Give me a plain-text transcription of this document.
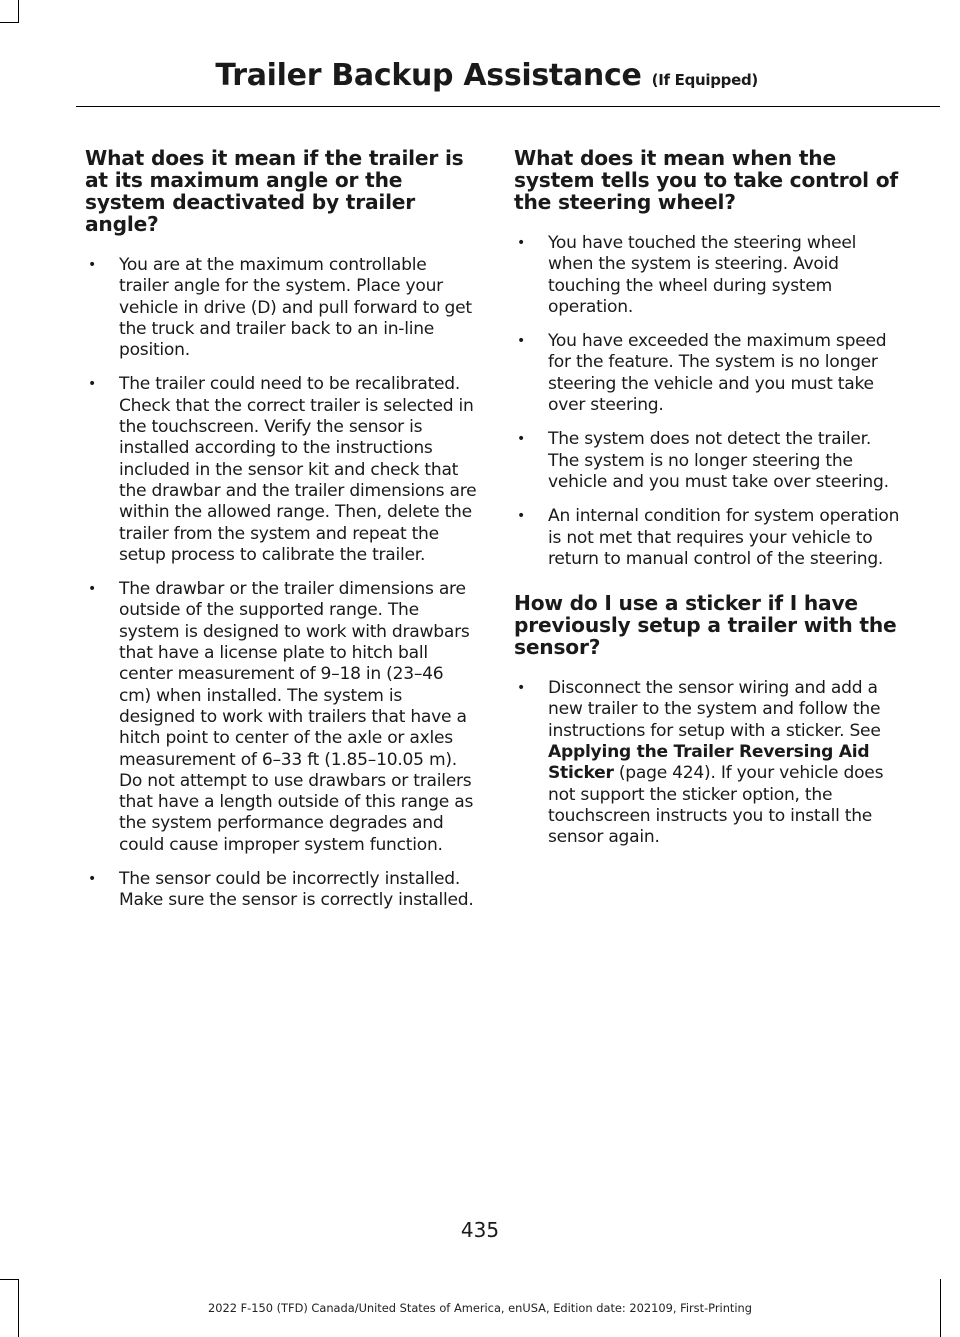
Trailer Backup Assistance (If Equipped)
What does it mean if the trailer is at its maximum angle or the system deactivated by trailer angle?
• You are at the maximum controllable trailer angle for the system. Place your vehicle in drive (D) and pull forward to get the truck and trailer back to an in-line position.
• The trailer could need to be recalibrated. Check that the correct trailer is selected in the touchscreen. Verify the sensor is installed according to the instructions included in the sensor kit and check that the drawbar and the trailer dimensions are within the allowed range. Then, delete the trailer from the system and repeat the setup process to calibrate the trailer.
• The drawbar or the trailer dimensions are outside of the supported range. The system is designed to work with drawbars that have a license plate to hitch ball center measurement of 9–18 in (23–46 cm) when installed. The system is designed to work with trailers that have a hitch point to center of the axle or axles measurement of 6–33 ft (1.85–10.05 m). Do not attempt to use drawbars or trailers that have a length outside of this range as the system performance degrades and could cause improper system function.
• The sensor could be incorrectly installed. Make sure the sensor is correctly installed.
What does it mean when the system tells you to take control of the steering wheel?
• You have touched the steering wheel when the system is steering. Avoid touching the wheel during system operation.
• You have exceeded the maximum speed for the feature. The system is no longer steering the vehicle and you must take over steering.
• The system does not detect the trailer. The system is no longer steering the vehicle and you must take over steering.
• An internal condition for system operation is not met that requires your vehicle to return to manual control of the steering.
How do I use a sticker if I have previously setup a trailer with the sensor?
• Disconnect the sensor wiring and add a new trailer to the system and follow the instructions for setup with a sticker. See Applying the Trailer Reversing Aid Sticker (page 424). If your vehicle does not support the sticker option, the touchscreen instructs you to install the sensor again.
435
2022 F-150 (TFD) Canada/United States of America, enUSA, Edition date: 202109, First-Printing
